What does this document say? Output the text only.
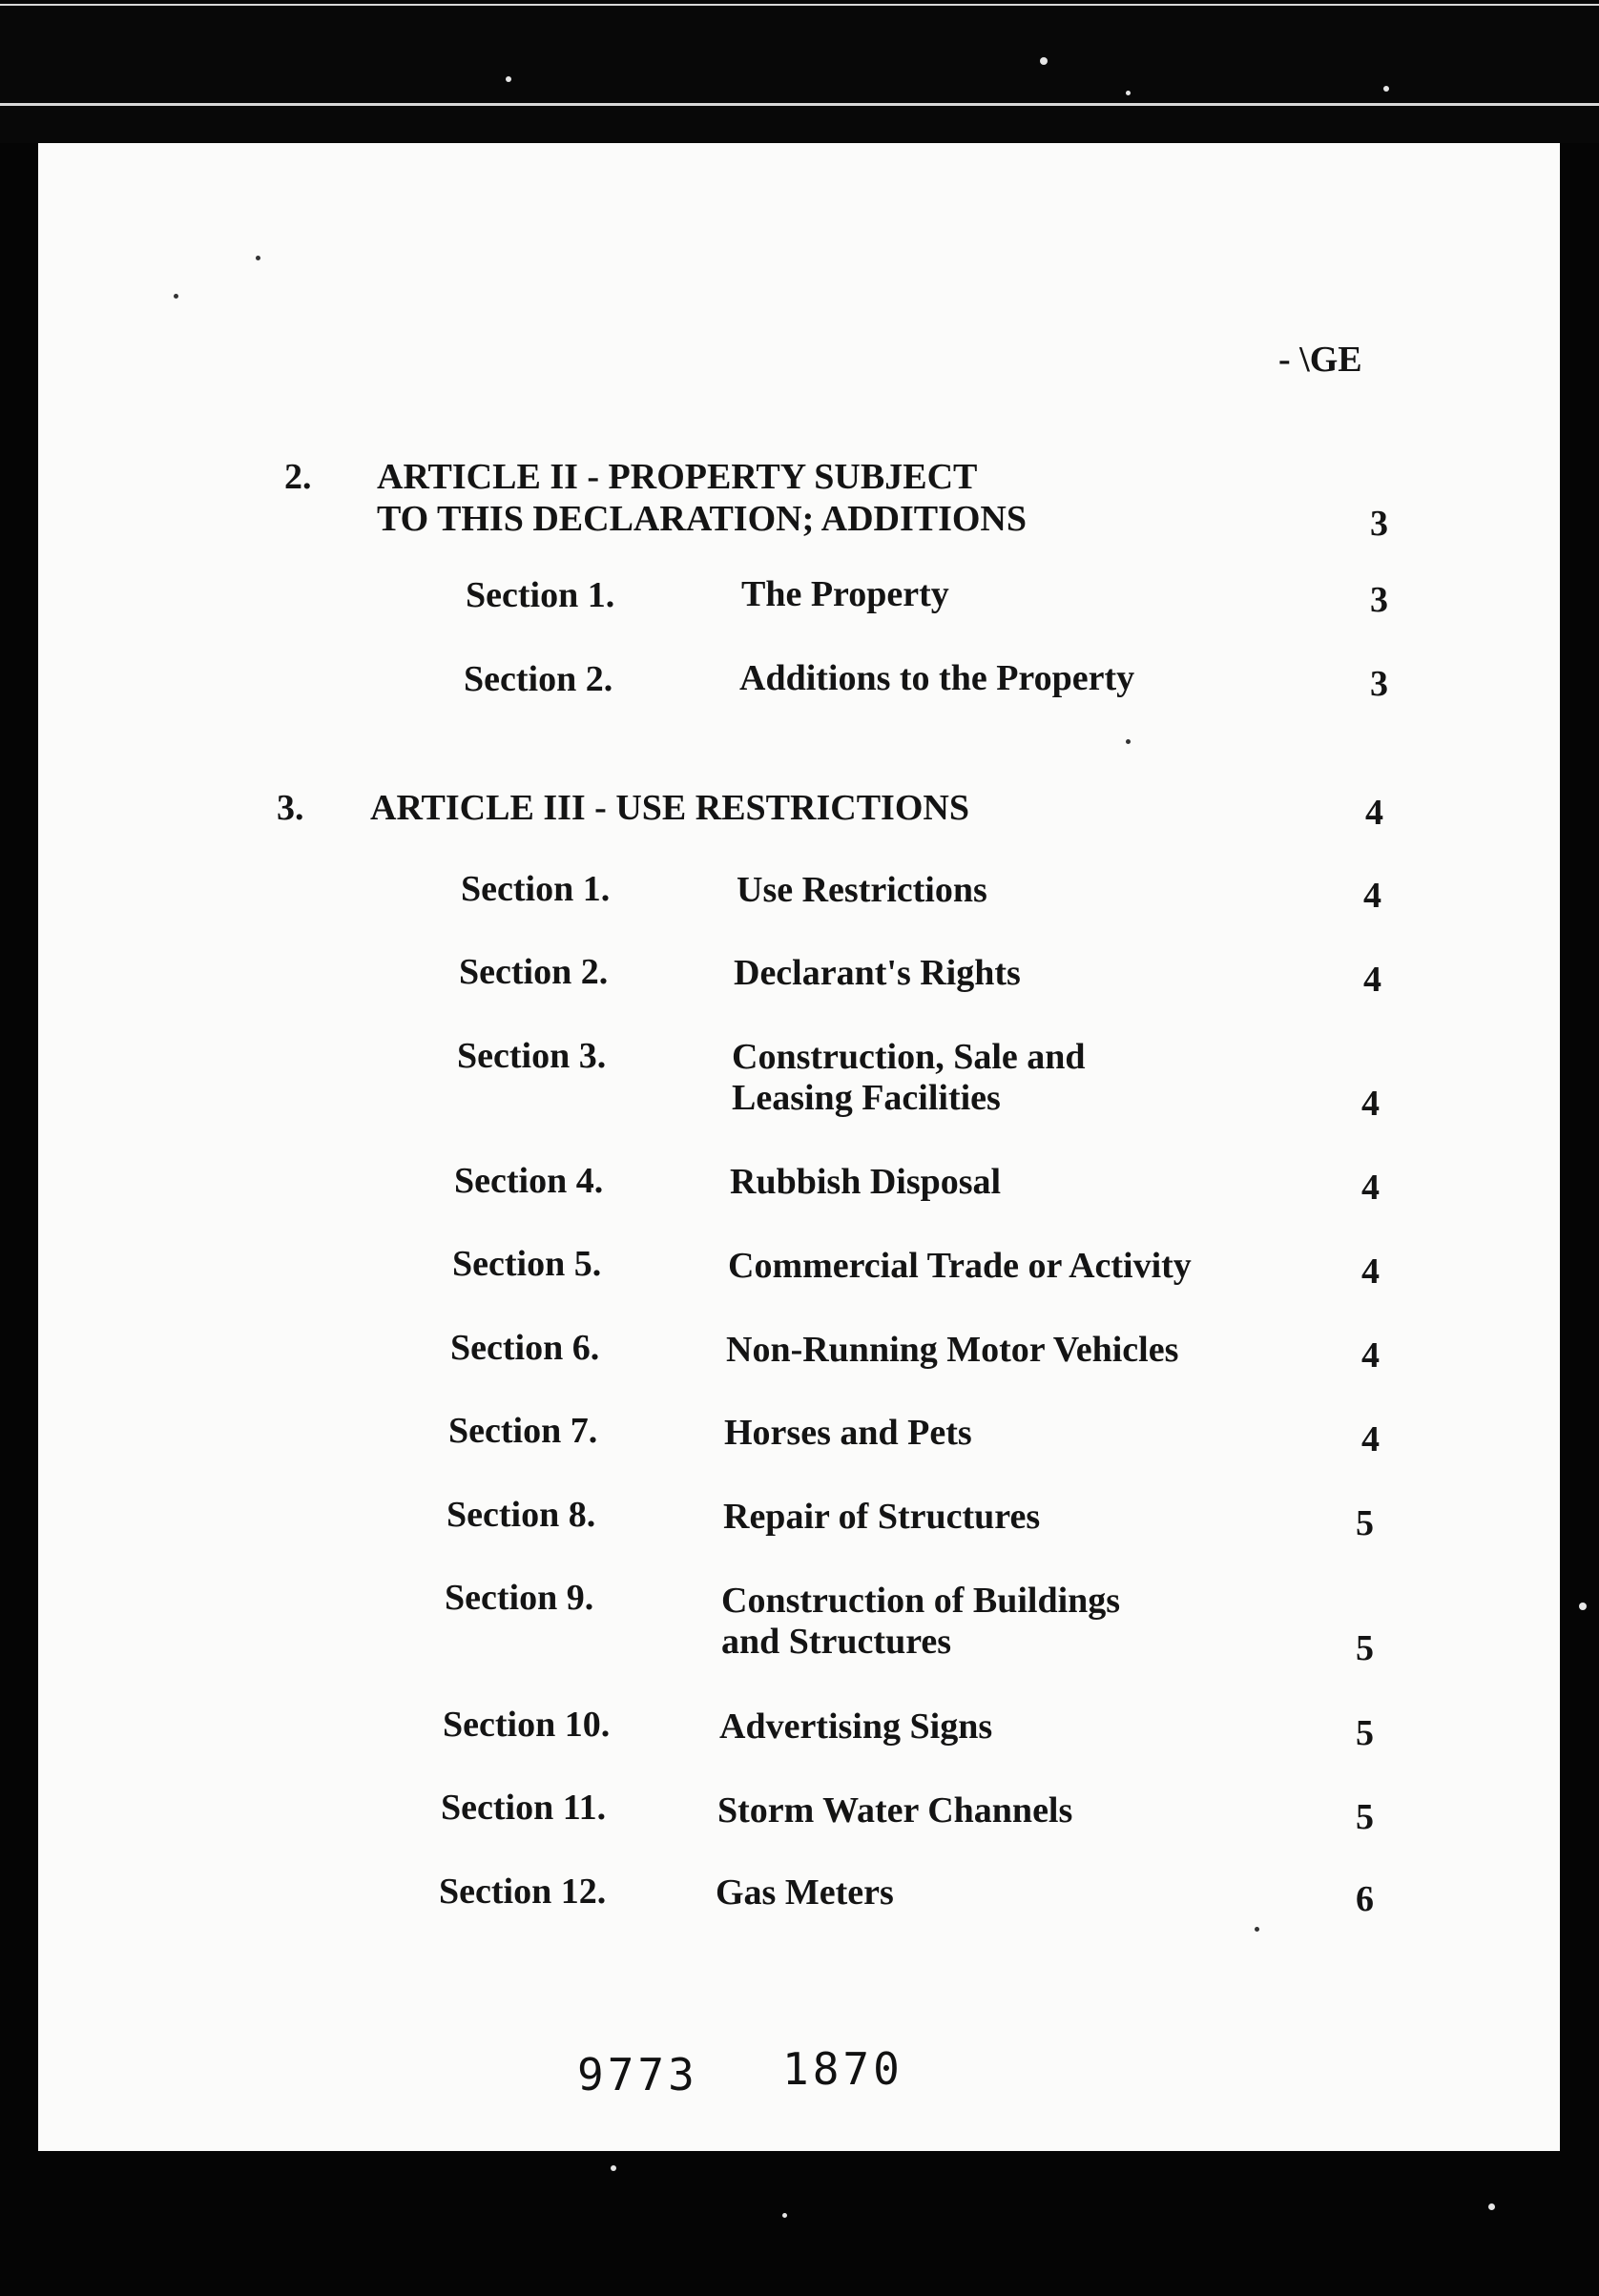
- \GE
2. ARTICLE II - PROPERTY SUBJECT
TO THIS DECLARATION; ADDITIONS	3
Section 1.	The Property	3
Section 2.	Additions to the Property	3
3. ARTICLE III - USE RESTRICTIONS	4
Section 1.	Use Restrictions	4
Section 2.	Declarant's Rights	4
Section 3.	Construction, Sale and
Leasing Facilities	4
Section 4.	Rubbish Disposal	4
Section 5.	Commercial Trade or Activity	4
Section 6.	Non-Running Motor Vehicles	4
Section 7.	Horses and Pets	4
Section 8.	Repair of Structures	5
Section 9.	Construction of Buildings
and Structures	5
Section 10.	Advertising Signs	5
Section 11.	Storm Water Channels	5
Section 12.	Gas Meters	6
9773 1870
